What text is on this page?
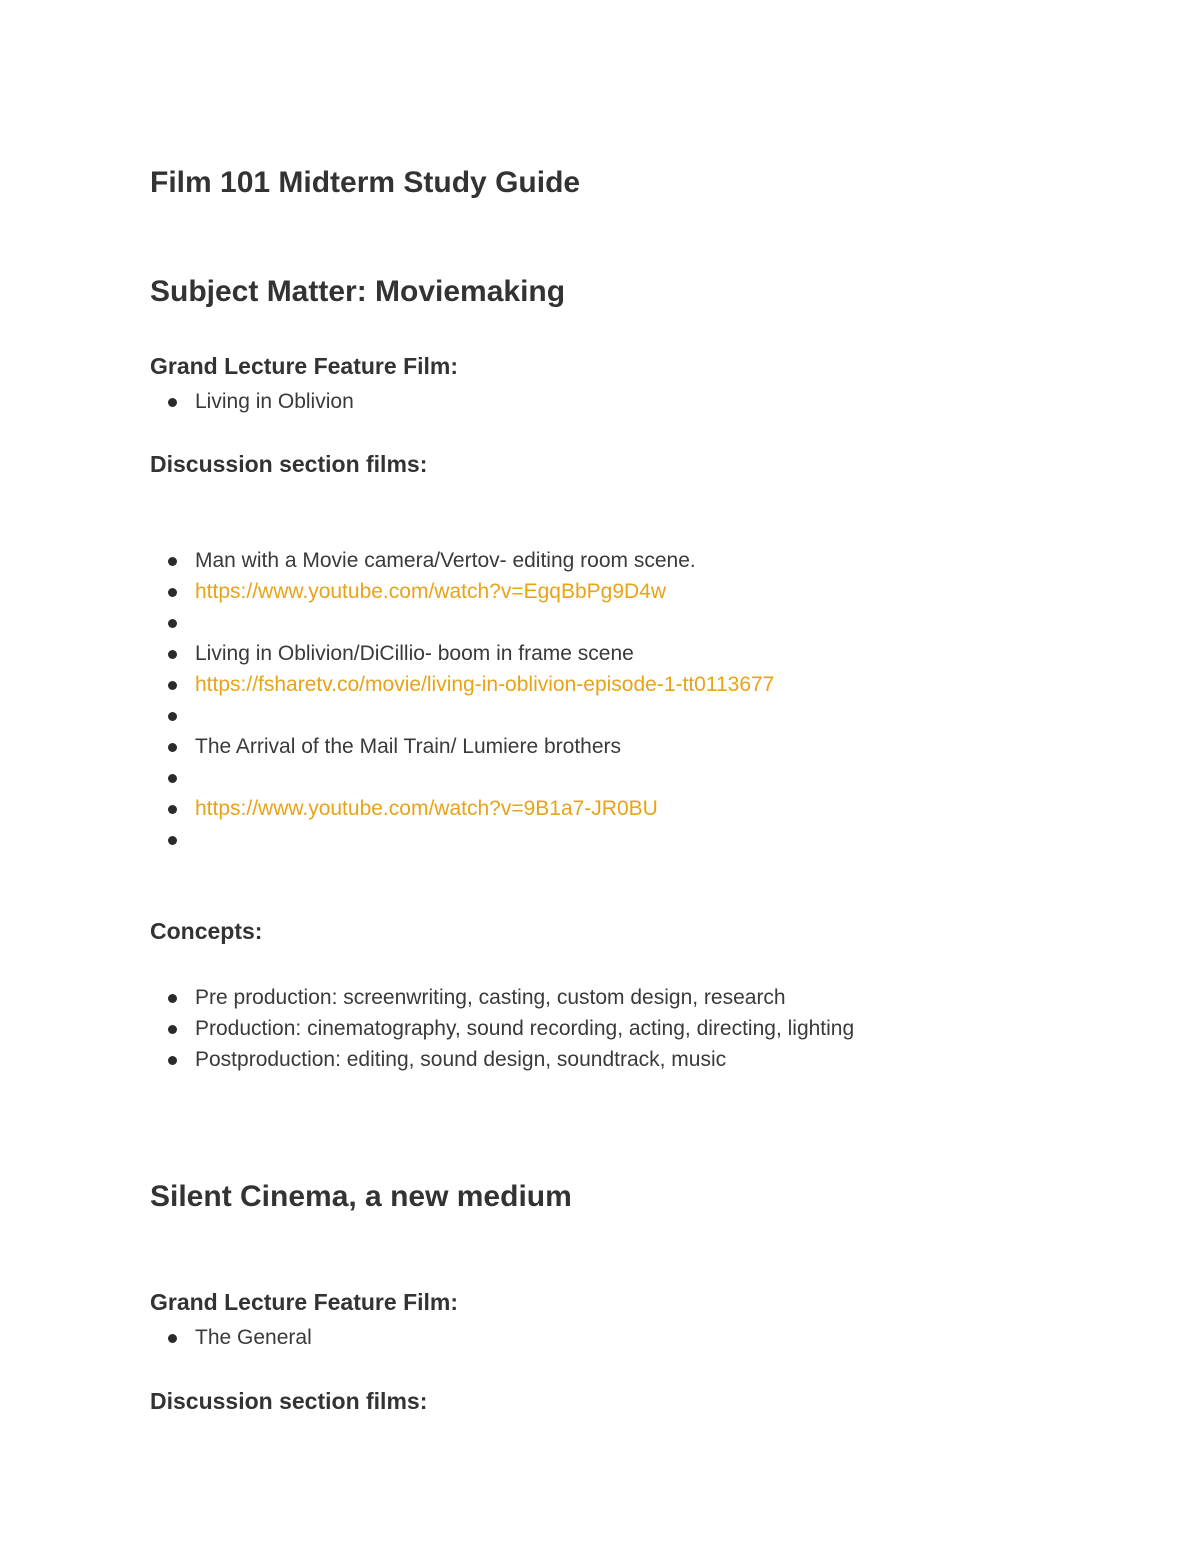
Film 101 Midterm Study Guide
Subject Matter: Moviemaking
Grand Lecture Feature Film:
Living in Oblivion
Discussion section films:
Man with a Movie camera/Vertov- editing room scene.
https://www.youtube.com/watch?v=EgqBbPg9D4w
Living in Oblivion/DiCillio- boom in frame scene
https://fsharetv.co/movie/living-in-oblivion-episode-1-tt0113677
The Arrival of the Mail Train/ Lumiere brothers
https://www.youtube.com/watch?v=9B1a7-JR0BU
Concepts:
Pre production: screenwriting, casting, custom design, research
Production: cinematography, sound recording, acting, directing, lighting
Postproduction: editing, sound design, soundtrack, music
Silent Cinema, a new medium
Grand Lecture Feature Film:
The General
Discussion section films:
